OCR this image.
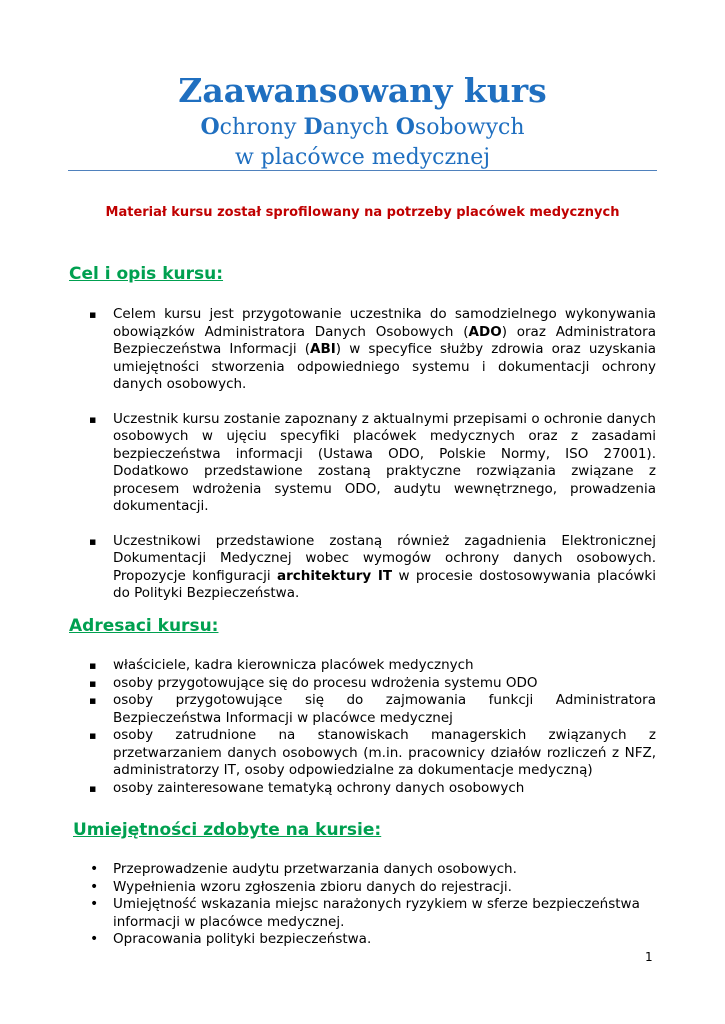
Zaawansowany kurs
Ochrony Danych Osobowych
w placówce medycznej
Materiał kursu został sprofilowany na potrzeby placówek medycznych
Cel i opis kursu:
▪ Celem kursu jest przygotowanie uczestnika do samodzielnego wykonywania obowiązków Administratora Danych Osobowych (ADO) oraz Administratora Bezpieczeństwa Informacji (ABI) w specyfice służby zdrowia oraz uzyskania umiejętności stworzenia odpowiedniego systemu i dokumentacji ochrony danych osobowych.
▪ Uczestnik kursu zostanie zapoznany z aktualnymi przepisami o ochronie danych osobowych w ujęciu specyfiki placówek medycznych oraz z zasadami bezpieczeństwa informacji (Ustawa ODO, Polskie Normy, ISO 27001). Dodatkowo przedstawione zostaną praktyczne rozwiązania związane z procesem wdrożenia systemu ODO, audytu wewnętrznego, prowadzenia dokumentacji.
▪ Uczestnikowi przedstawione zostaną również zagadnienia Elektronicznej Dokumentacji Medycznej wobec wymogów ochrony danych osobowych. Propozycje konfiguracji architektury IT w procesie dostosowywania placówki do Polityki Bezpieczeństwa.
Adresaci kursu:
▪ właściciele, kadra kierownicza placówek medycznych
▪ osoby przygotowujące się do procesu wdrożenia systemu ODO
▪ osoby przygotowujące się do zajmowania funkcji Administratora Bezpieczeństwa Informacji w placówce medycznej
▪ osoby zatrudnione na stanowiskach managerskich związanych z przetwarzaniem danych osobowych (m.in. pracownicy działów rozliczeń z NFZ, administratorzy IT, osoby odpowiedzialne za dokumentacje medyczną)
▪ osoby zainteresowane tematyką ochrony danych osobowych
Umiejętności zdobyte na kursie:
• Przeprowadzenie audytu przetwarzania danych osobowych.
• Wypełnienia wzoru zgłoszenia zbioru danych do rejestracji.
• Umiejętność wskazania miejsc narażonych ryzykiem w sferze bezpieczeństwa informacji w placówce medycznej.
• Opracowania polityki bezpieczeństwa.
1
